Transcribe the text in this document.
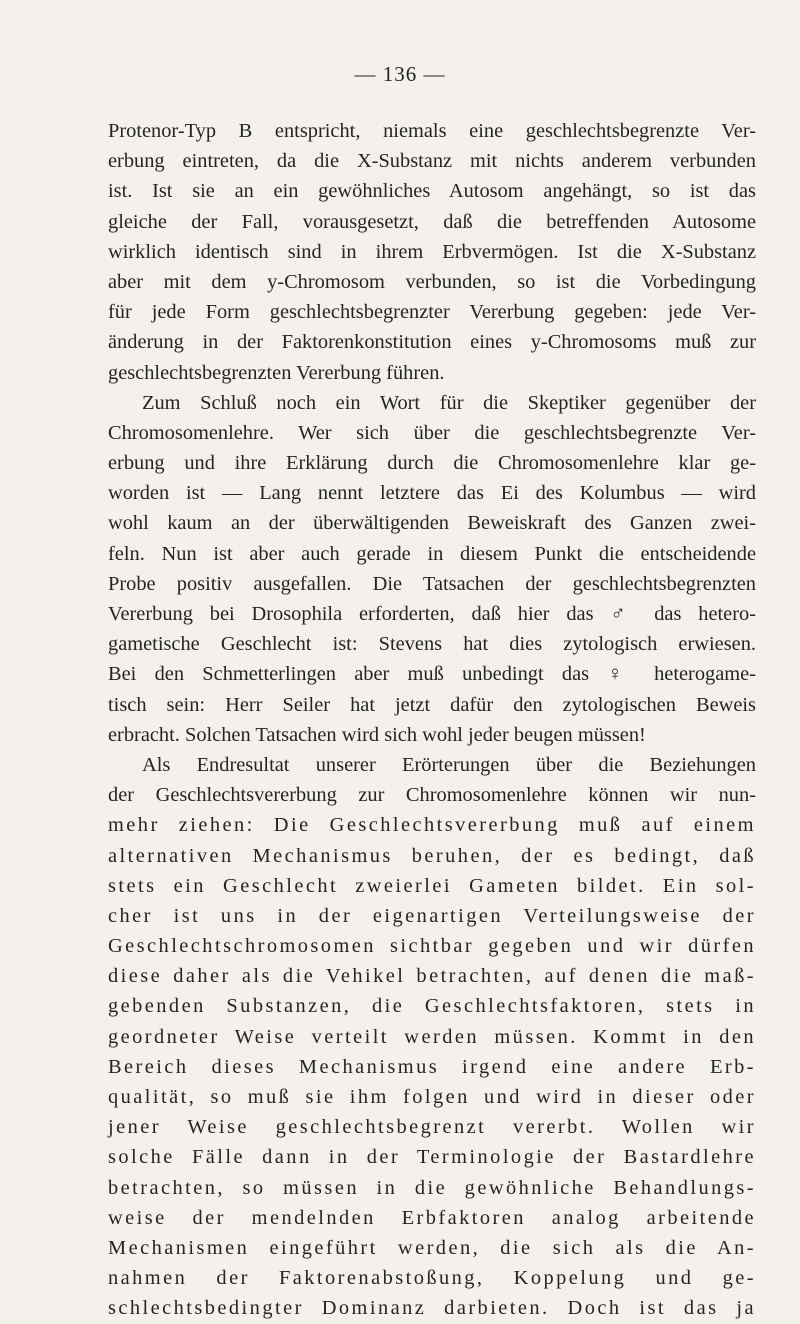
— 136 —
Protenor-Typ B entspricht, niemals eine geschlechtsbegrenzte Ver-
erbung eintreten, da die X-Substanz mit nichts anderem verbunden
ist. Ist sie an ein gewöhnliches Autosom angehängt, so ist das
gleiche der Fall, vorausgesetzt, daß die betreffenden Autosome
wirklich identisch sind in ihrem Erbvermögen. Ist die X-Substanz
aber mit dem y-Chromosom verbunden, so ist die Vorbedingung
für jede Form geschlechtsbegrenzter Vererbung gegeben: jede Ver-
änderung in der Faktorenkonstitution eines y-Chromosoms muß zur
geschlechtsbegrenzten Vererbung führen.
Zum Schluß noch ein Wort für die Skeptiker gegenüber der
Chromosomenlehre. Wer sich über die geschlechtsbegrenzte Ver-
erbung und ihre Erklärung durch die Chromosomenlehre klar ge-
worden ist — Lang nennt letztere das Ei des Kolumbus — wird
wohl kaum an der überwältigenden Beweiskraft des Ganzen zwei-
feln. Nun ist aber auch gerade in diesem Punkt die entscheidende
Probe positiv ausgefallen. Die Tatsachen der geschlechtsbegrenzten
Vererbung bei Drosophila erforderten, daß hier das ♂ das hetero-
gametische Geschlecht ist: Stevens hat dies zytologisch erwiesen.
Bei den Schmetterlingen aber muß unbedingt das ♀ heterogame-
tisch sein: Herr Seiler hat jetzt dafür den zytologischen Beweis
erbracht. Solchen Tatsachen wird sich wohl jeder beugen müssen!
Als Endresultat unserer Erörterungen über die Beziehungen
der Geschlechtsvererbung zur Chromosomenlehre können wir nun-
mehr ziehen: Die Geschlechtsvererbung muß auf einem
alternativen Mechanismus beruhen, der es bedingt, daß
stets ein Geschlecht zweierlei Gameten bildet. Ein sol-
cher ist uns in der eigenartigen Verteilungsweise der
Geschlechtschromosomen sichtbar gegeben und wir dürfen
diese daher als die Vehikel betrachten, auf denen die maß-
gebenden Substanzen, die Geschlechtsfaktoren, stets in
geordneter Weise verteilt werden müssen. Kommt in den
Bereich dieses Mechanismus irgend eine andere Erb-
qualität, so muß sie ihm folgen und wird in dieser oder
jener Weise geschlechtsbegrenzt vererbt. Wollen wir
solche Fälle dann in der Terminologie der Bastardlehre
betrachten, so müssen in die gewöhnliche Behandlungs-
weise der mendelnden Erbfaktoren analog arbeitende
Mechanismen eingeführt werden, die sich als die An-
nahmen der Faktorenabstoßung, Koppelung und ge-
schlechtsbedingter Dominanz darbieten. Doch ist das ja
